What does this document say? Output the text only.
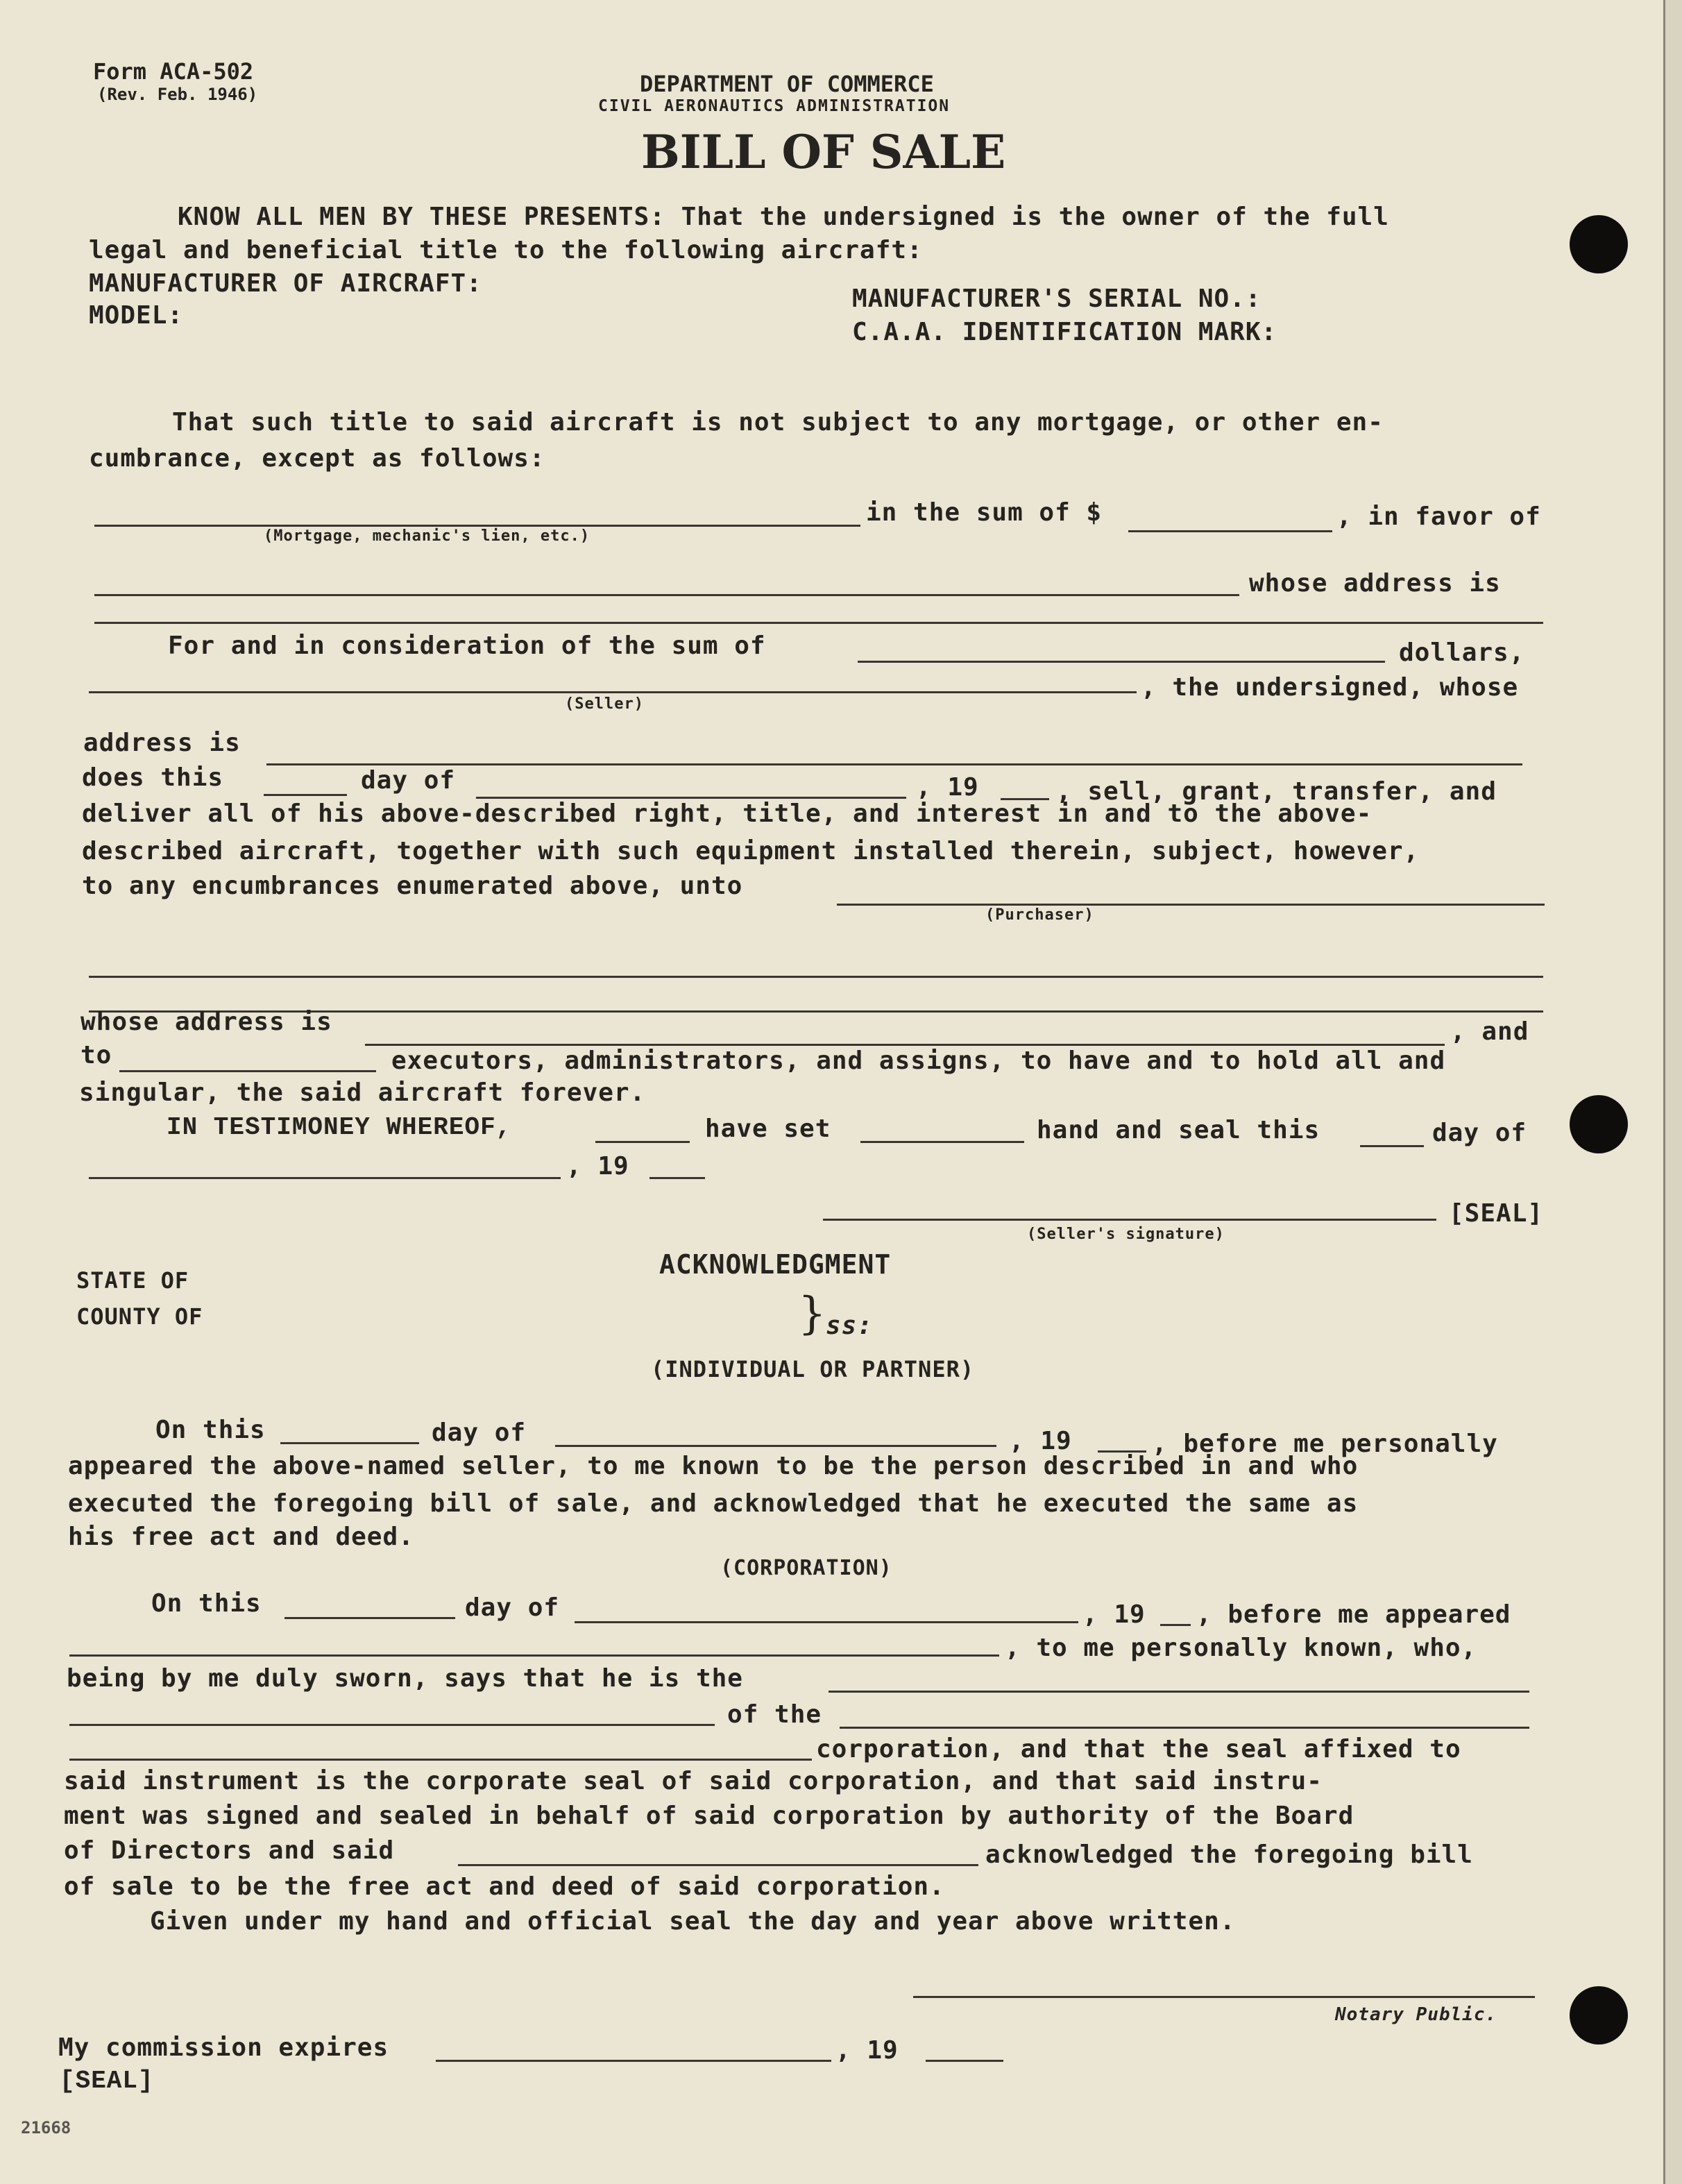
Form ACA-502
(Rev. Feb. 1946)	DEPARTMENT OF COMMERCE
CIVIL AERONAUTICS ADMINISTRATION
BILL OF SALE
KNOW ALL MEN BY THESE PRESENTS: That the undersigned is the owner of the full
legal and beneficial title to the following aircraft:
MANUFACTURER OF AIRCRAFT:
MODEL:
MANUFACTURER'S SERIAL NO.:
C.A.A. IDENTIFICATION MARK:
That such title to said aircraft is not subject to any mortgage, or other en-
cumbrance, except as follows:
(Mortgage, mechanic's lien, etc.)
in the sum of $	, in favor of
whose address is
For and in consideration of the sum of	dollars,
(Seller)
, the undersigned, whose
address is
does this	day of	, 19	, sell, grant, transfer, and
deliver all of his above-described right, title, and interest in and to the above-
described aircraft, together with such equipment installed therein, subject, however,
to any encumbrances enumerated above, unto
(Purchaser)
whose address is	, and
to	executors, administrators, and assigns, to have and to hold all and
singular, the said aircraft forever.
IN TESTIMONEY WHEREOF,	have set	hand and seal this	day of
, 19
[SEAL]
(Seller's signature)
ACKNOWLEDGMENT
STATE OF
COUNTY OF	} ss:
(INDIVIDUAL OR PARTNER)
On this	day of	, 19	, before me personally
appeared the above-named seller, to me known to be the person described in and who
executed the foregoing bill of sale, and acknowledged that he executed the same as
his free act and deed.
(CORPORATION)
On this	day of	, 19 , before me appeared
, to me personally known, who,
being by me duly sworn, says that he is the
of the
corporation, and that the seal affixed to
said instrument is the corporate seal of said corporation, and that said instru-
ment was signed and sealed in behalf of said corporation by authority of the Board
of Directors and said	acknowledged the foregoing bill
of sale to be the free act and deed of said corporation.
Given under my hand and official seal the day and year above written.
Notary Public.
My commission expires	, 19
[SEAL]
21668
